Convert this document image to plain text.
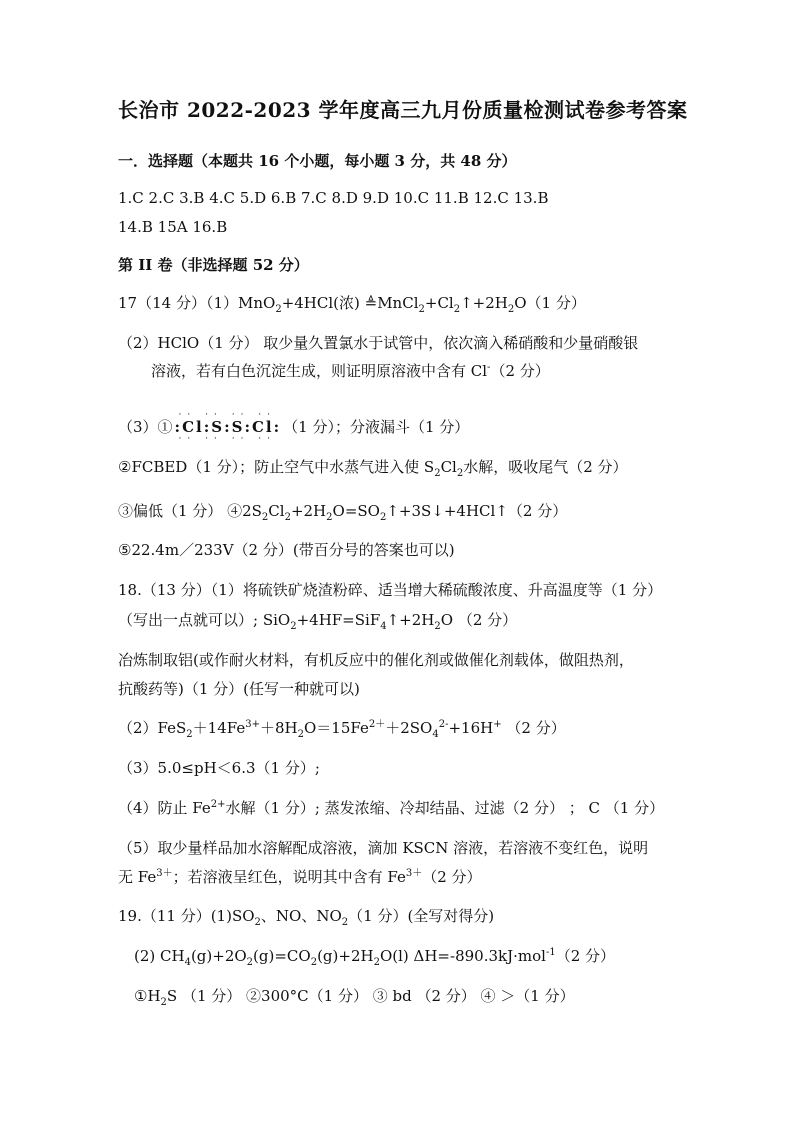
长治市 2022-2023 学年度高三九月份质量检测试卷参考答案
一．选择题（本题共 16 个小题，每小题 3 分，共 48 分）
1.C 2.C 3.B 4.C 5.D 6.B 7.C 8.D 9.D 10.C 11.B 12.C 13.B
14.B 15A 16.B
第 II 卷（非选择题 52 分）
17（14 分）（1）MnO$_2$+4HCl(浓) $≜MnCl_2+Cl_2↑+2H_2O(1$ 分）
（2）HClO（1 分） 取少量久置氯水于试管中，依次滴入稀硝酸和少量硝酸银
溶液，若有白色沉淀生成，则证明原溶液中含有 Cl-（2 分）
（3）①
·· ·· ·· ··
:Cl:S:S:Cl:
·· ·· ·· ··
（1 分）；分液漏斗（1 分）
②FCBED（1 分）；防止空气中水蒸气进入使 $S_2Cl_2$水解，吸收尾气（2 分）
③偏低（1 分） $④2S_2Cl_2+2H_2O=SO_2↑+3S↓+4HCl↑(2$ 分）
⑤22.4m／233V（2 分）(带百分号的答案也可以)
18.（13 分）（1）将硫铁矿烧渣粉碎、适当增大稀硫酸浓度、升高温度等（1 分）
（写出一点就可以）; $SiO_2+4HF=SiF_4↑+2H_2O$ （2 分）
冶炼制取铝(或作耐火材料，有机反应中的催化剂或做催化剂载体，做阻热剂，
抗酸药等)（1 分）(任写一种就可以)
$(2)FeS_2+14Fe^{3+}+8H_2O=15Fe^{2+}+2SO_4^{2-}+16H^+$ （2 分）
（3）5.0≤pH＜6.3（1 分）;
（4）防止 $Fe^{2+}$水解（1 分）; 蒸发浓缩、冷却结晶、过滤（2 分） ； C （1 分）
（5）取少量样品加水溶解配成溶液，滴加 KSCN 溶液，若溶液不变红色，说明
无 $Fe^{3+}$；若溶液呈红色，说明其中含有 $Fe^{3+}(2$ 分）
19.（11 分）$(1)SO_2$、NO、$NO_2(1$ 分）(全写对得分)
(2) $CH_4(g)+2O_2(g)=CO_2(g)+2H_2O(l)$ ΔH=-890.3kJ·mol$^{-1}$（2 分）
$①H_2S$ （1 分） ②300°C（1 分） ③ bd （2 分） ④ ＞（1 分）
